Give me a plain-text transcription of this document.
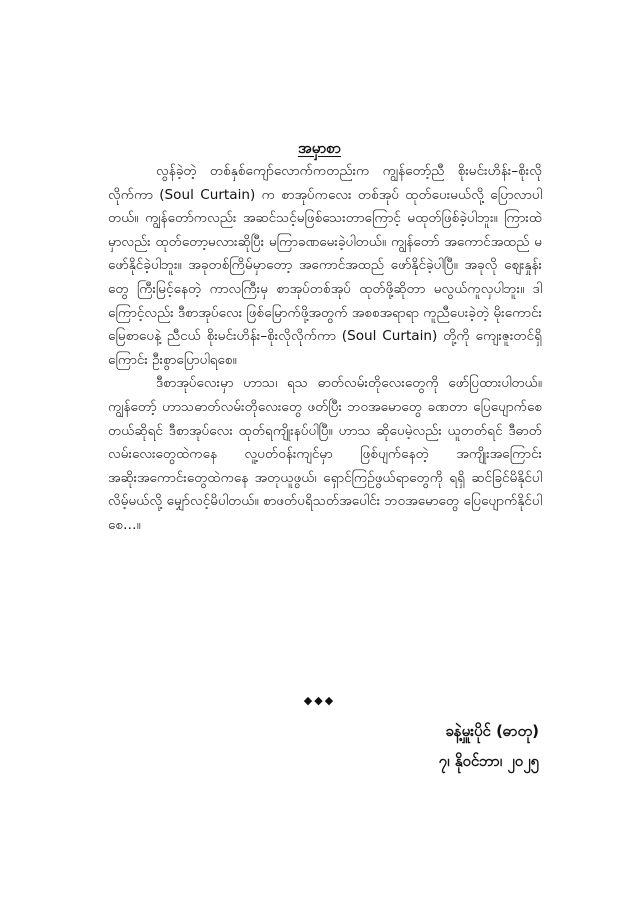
အမှာစာ

လွန်ခဲ့တဲ့ တစ်နှစ်ကျော်လောက်ကတည်းက ကျွန်တော့်ညီ စိုးမင်းဟိန်း–စိုးလိုလိုက်ကာ (Soul Curtain) က စာအုပ်ကလေး တစ်အုပ် ထုတ်ပေးမယ်လို့ ပြောလာပါတယ်။ ကျွန်တော်ကလည်း အဆင်သင့်မဖြစ်သေးတာကြောင့် မထုတ်ဖြစ်ခဲ့ပါဘူး။ ကြားထဲမှာလည်း ထုတ်တော့မလားဆိုပြီး မကြာခဏမေးခဲ့ပါတယ်။ ကျွန်တော် အကောင်အထည် မဖော်နိုင်ခဲ့ပါဘူး။ အခုတစ်ကြိမ်မှာတော့ အကောင်အထည် ဖော်နိုင်ခဲ့ပါပြီ။ အခုလို ဈေးနှုန်းတွေ ကြီးမြင့်နေတဲ့ ကာလကြီးမှ စာအုပ်တစ်အုပ် ထုတ်ဖို့ဆိုတာ မလွယ်ကူလှပါဘူး။ ဒါကြောင့်လည်း ဒီစာအုပ်လေး ဖြစ်မြောက်ဖို့အတွက် အစစအရာရာ ကူညီပေးခဲ့တဲ့ မိုးကောင်းမြေစာပေနဲ့ ညီငယ် စိုးမင်းဟိန်း–စိုးလိုလိုက်ကာ (Soul Curtain) တို့ကို ကျေးဇူးတင်ရှိကြောင်း ဦးစွာပြောပါရစေ။

ဒီစာအုပ်လေးမှာ ဟာသ၊ ရသ ဓာတ်လမ်းတိုလေးတွေကို ဖော်ပြထားပါတယ်။ ကျွန်တော့် ဟာသဓာတ်လမ်းတိုလေးတွေ ဖတ်ပြီး ဘဝအမောတွေ ခဏတာ ပြေပျောက်စေတယ်ဆိုရင် ဒီစာအုပ်လေး ထုတ်ရကျိုးနပ်ပါပြီ။ ဟာသ ဆိုပေမဲ့လည်း ယူတတ်ရင် ဒီဓာတ်လမ်းလေးတွေထဲကနေ လူ့ပတ်ဝန်းကျင်မှာ ဖြစ်ပျက်နေတဲ့ အကျိုးအကြောင်း အဆိုးအကောင်းတွေထဲကနေ အတုယူဖွယ်၊ ရှောင်ကြဉ်ဖွယ်ရာတွေကို ရရှိ ဆင်ခြင်မိနိုင်ပါလိမ့်မယ်လို့ မျှော်လင့်မိပါတယ်။ စာဖတ်ပရိသတ်အပေါင်း ဘဝအမောတွေ ပြေပျောက်နိုင်ပါစေ…။

◆◆◆
ခနဲ့မှူးပိုင် (ဓာတု)
၇၊ နိုဝင်ဘာ၊ ၂၀၂၅
